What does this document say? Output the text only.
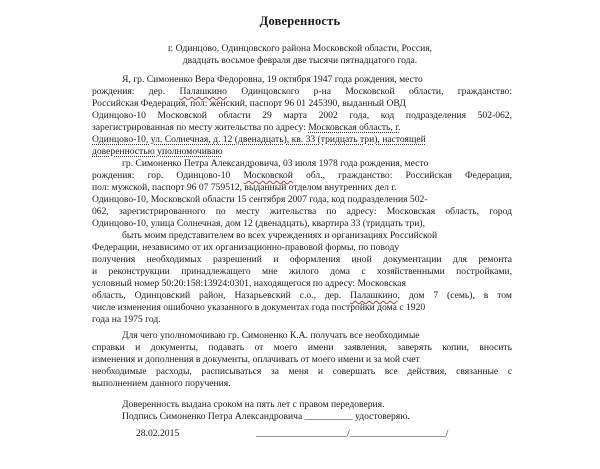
Доверенность
г. Одинцово, Одинцовского района Московской области, Россия,
двадцать восьмое февраля две тысячи пятнадцатого года.
Я, гр. Симоненко Вера Федоровна, 19 октября 1947 года рождения, место
рождения: дер. Палашкино Одинцовского р-на Московской области, гражданство:
Российская Федерация, пол: женский, паспорт 96 01 245390, выданный ОВД
Одинцово-10 Московской области 29 марта 2002 года, код подразделения 502-062,
зарегистрированная по месту жительства по адресу: Московская область, г.
Одинцово-10, ул. Солнечная, д. 12 (двенадцать), кв. 33 (тридцать три), настоящей
доверенностью уполномочиваю
гр. Симоненко Петра Александровича, 03 июля 1978 года рождения, место
рождения: гор. Одинцово-10 Московской обл., гражданство: Российская Федерация,
пол: мужской, паспорт 96 07 759512, выданный отделом внутренних дел г.
Одинцово-10, Московской области 15 сентября 2007 года, код подразделения 502-
062, зарегистрированного по месту жительства по адресу: Московская область, город
Одинцово-10, улица Солнечная, дом 12 (двенадцать), квартира 33 (тридцать три),
быть моим представителем во всех учреждениях и организациях Российской
Федерации, независимо от их организационно-правовой формы, по поводу
получения необходимых разрешений и оформления иной документации для ремонта
и реконструкции принадлежащего мне жилого дома с хозяйственными постройками,
условный номер 50:20:158:13924:0301, находящегося по адресу: Московская
область, Одинцовский район, Назарьевский с.о., дер. Палашкино, дом 7 (семь), в том
числе изменения ошибочно указанного в документах года постройки дома с 1920
года на 1975 год.
Для чего уполномочиваю гр. Симоненко К.А. получать все необходимые
справки и документы, подавать от моего имени заявления, заверять копии, вносить
изменения и дополнения в документы, оплачивать от моего имени и за мой счет
необходимые расходы, расписываться за меня и совершать все действия, связанные с
выполнением данного поручения.
Доверенность выдана сроком на пять лет с правом передоверия.
Подпись Симоненко Петра Александровича __________ удостоверяю.
28.02.2015	___________________/____________________/
